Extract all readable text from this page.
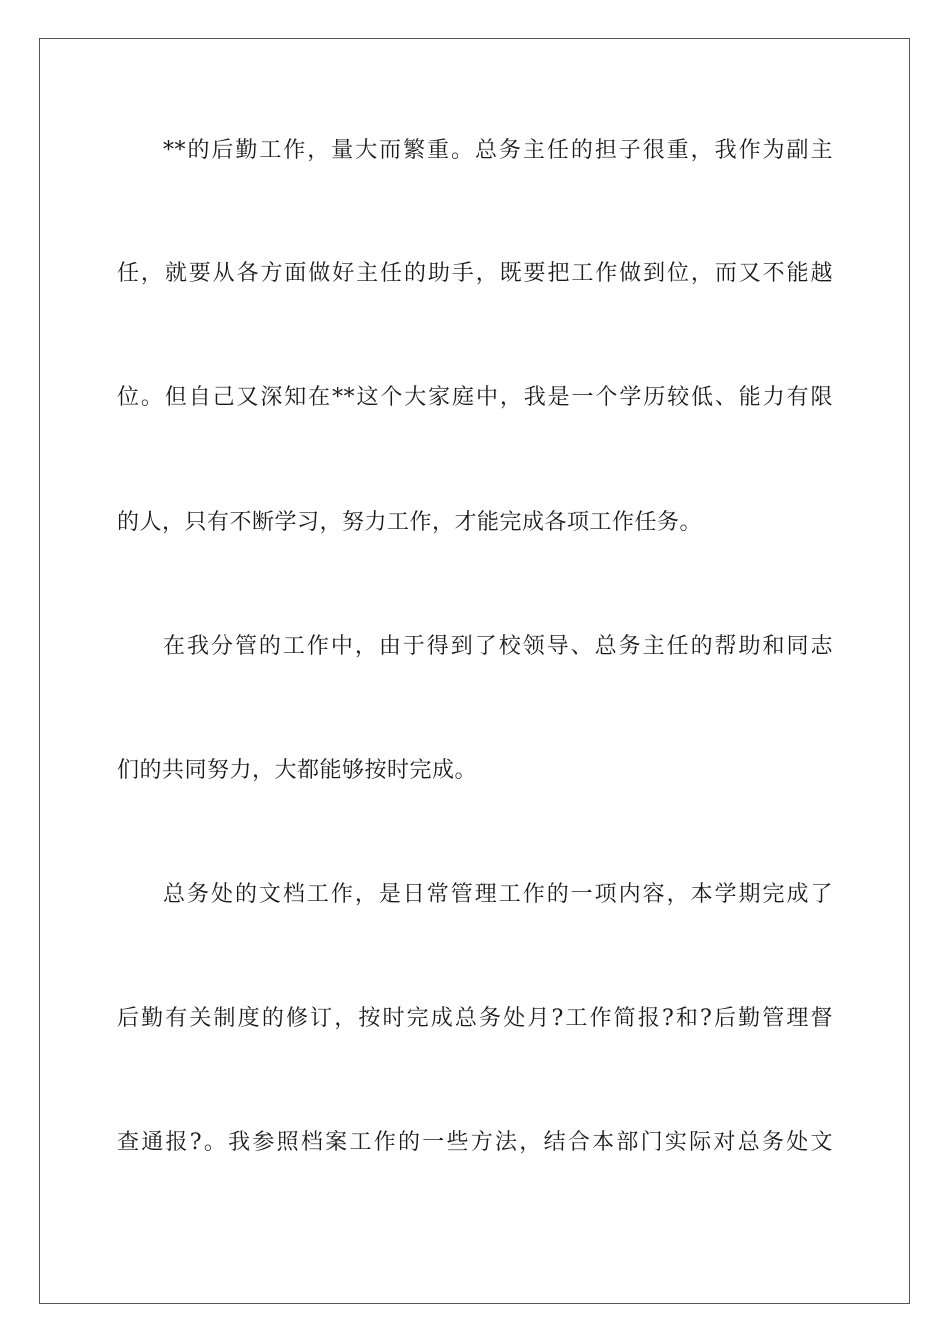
**的后勤工作，量大而繁重。总务主任的担子很重，我作为副主
任，就要从各方面做好主任的助手，既要把工作做到位，而又不能越
位。但自己又深知在**这个大家庭中，我是一个学历较低、能力有限
的人，只有不断学习，努力工作，才能完成各项工作任务。
在我分管的工作中，由于得到了校领导、总务主任的帮助和同志
们的共同努力，大都能够按时完成。
总务处的文档工作，是日常管理工作的一项内容，本学期完成了
后勤有关制度的修订，按时完成总务处月?工作简报?和?后勤管理督
查通报?。我参照档案工作的一些方法，结合本部门实际对总务处文
